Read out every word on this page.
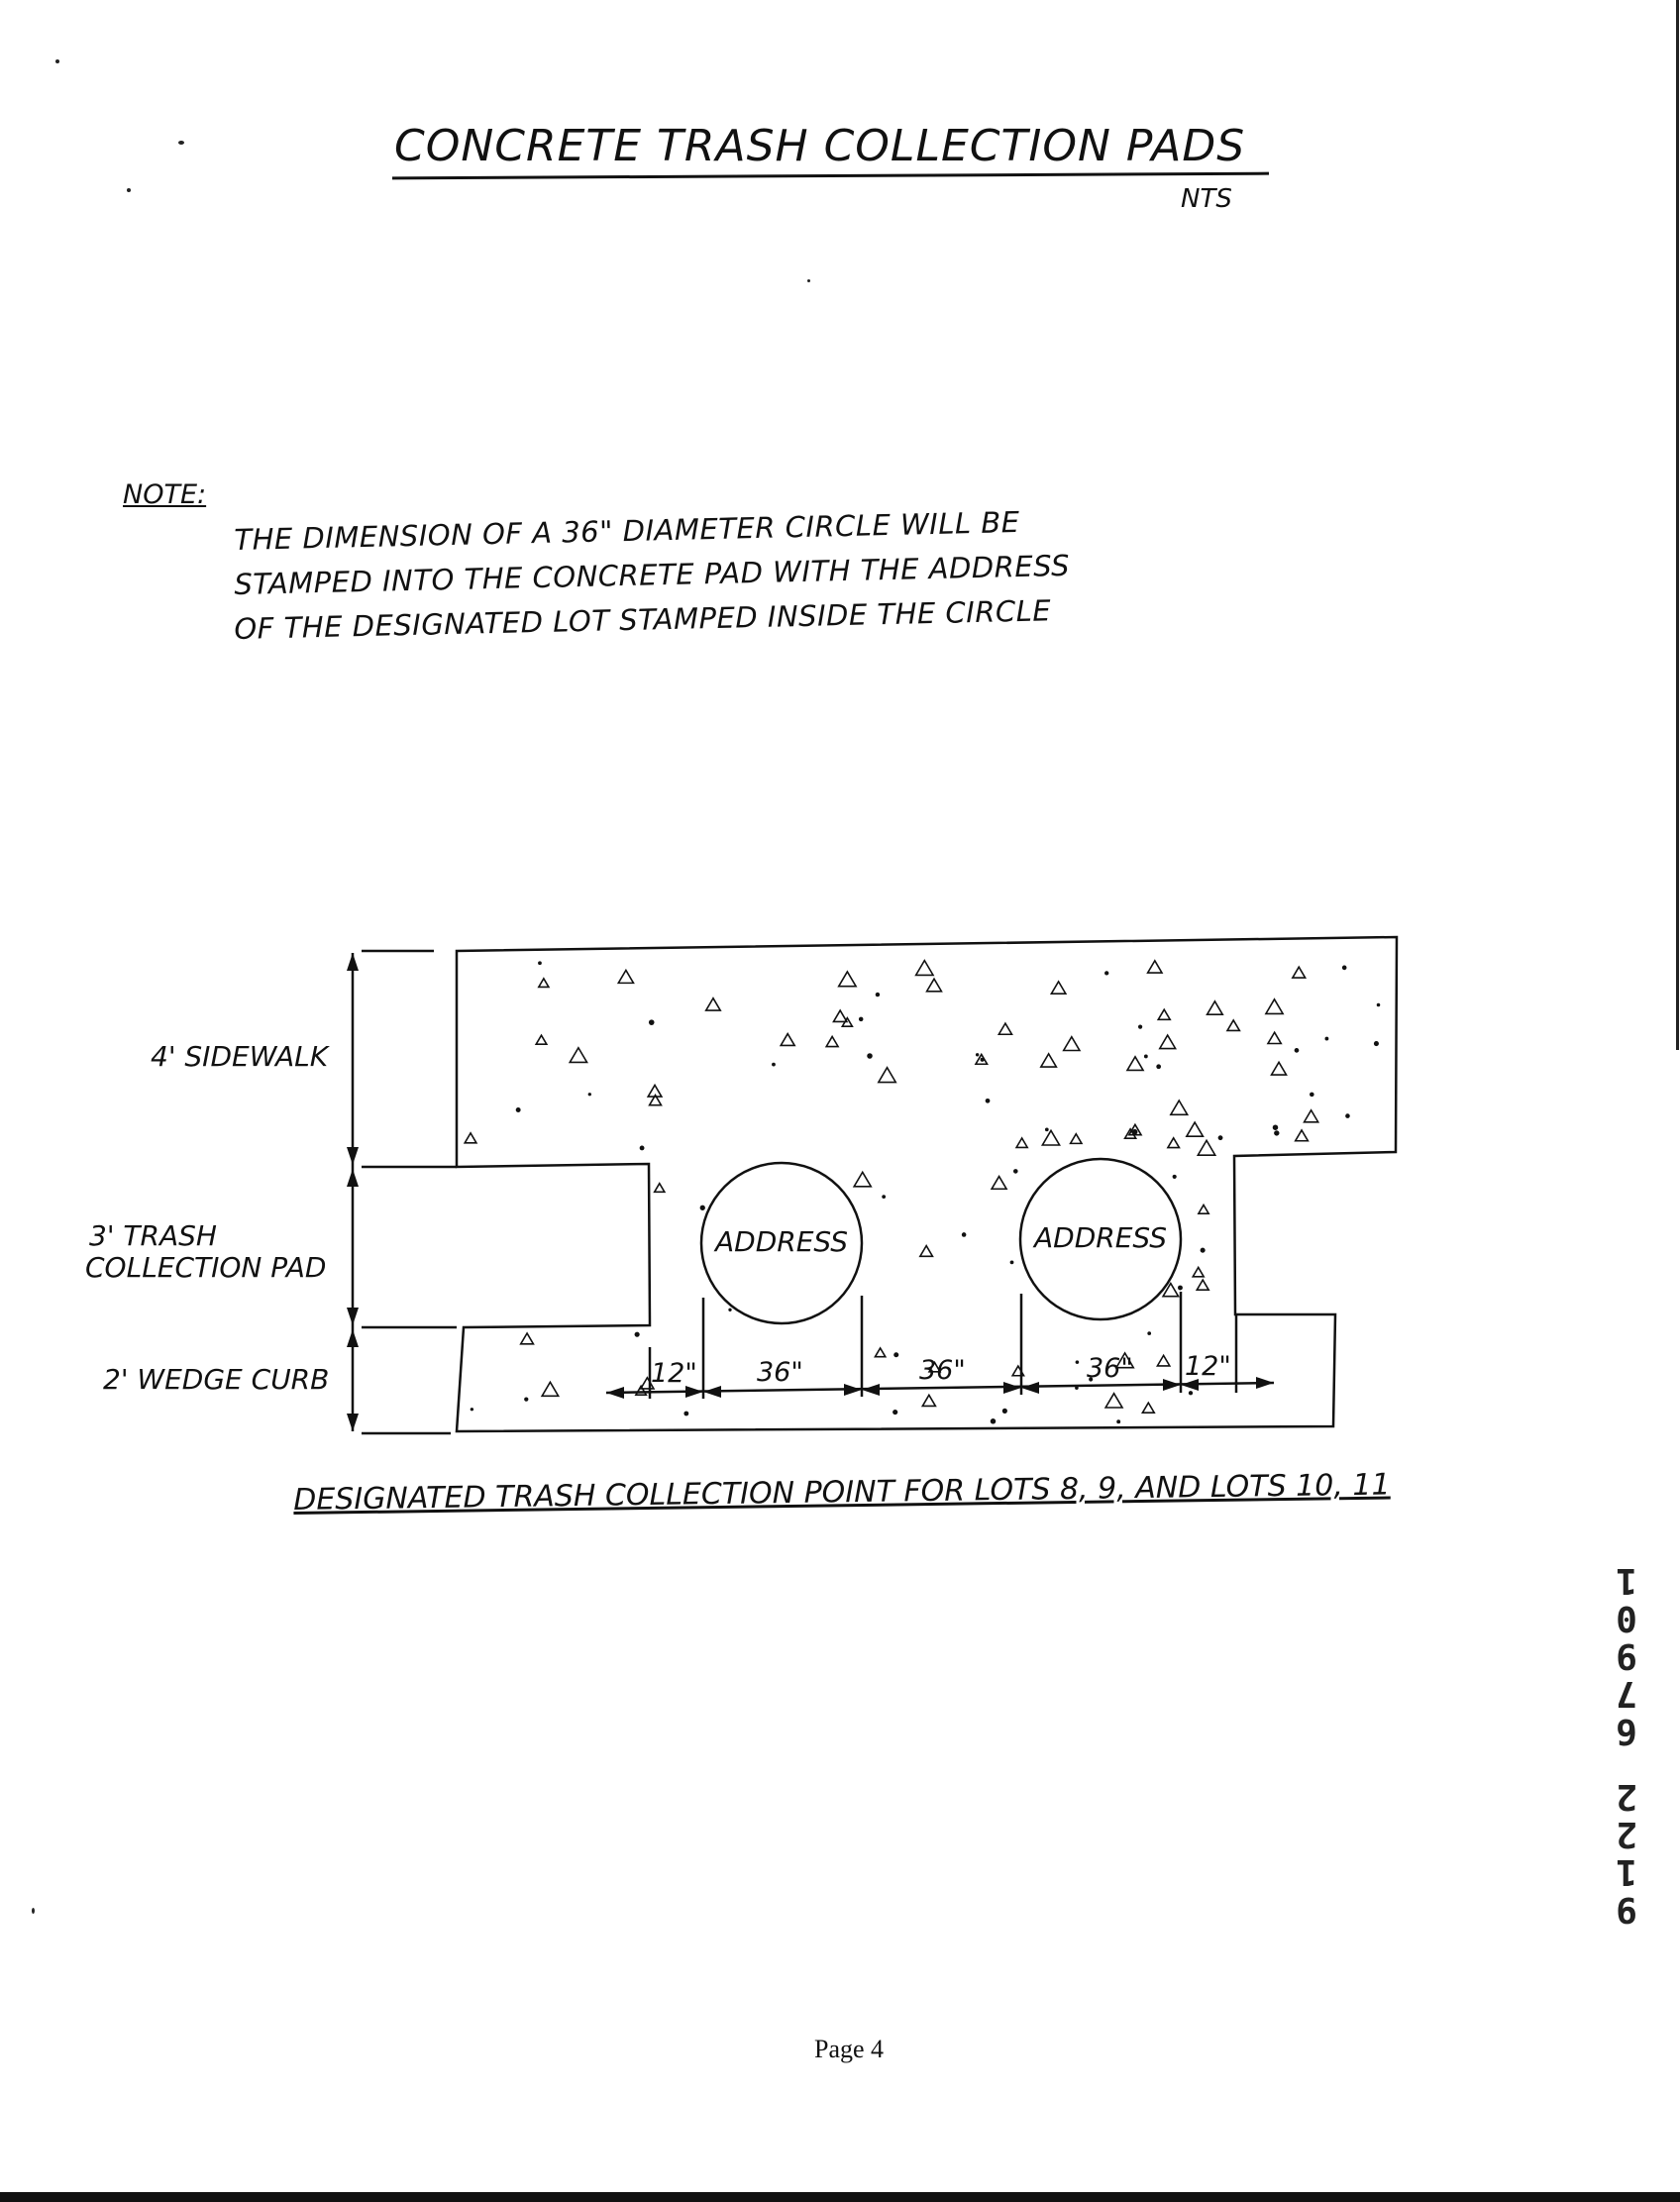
CONCRETE TRASH COLLECTION PADS
NTS
NOTE:
THE DIMENSION OF A 36" DIAMETER CIRCLE WILL BE
STAMPED INTO THE CONCRETE PAD WITH THE ADDRESS
OF THE DESIGNATED LOT STAMPED INSIDE THE CIRCLE
ADDRESS	ADDRESS
4' SIDEWALK
3' TRASH
COLLECTION PAD
2' WEDGE CURB	12" 36"	36"	36" 12"
DESIGNATED TRASH COLLECTION POINT FOR LOTS 8, 9, AND LOTS 10, 11
Page 4
1
0
9
7
6
2
2
1
9
